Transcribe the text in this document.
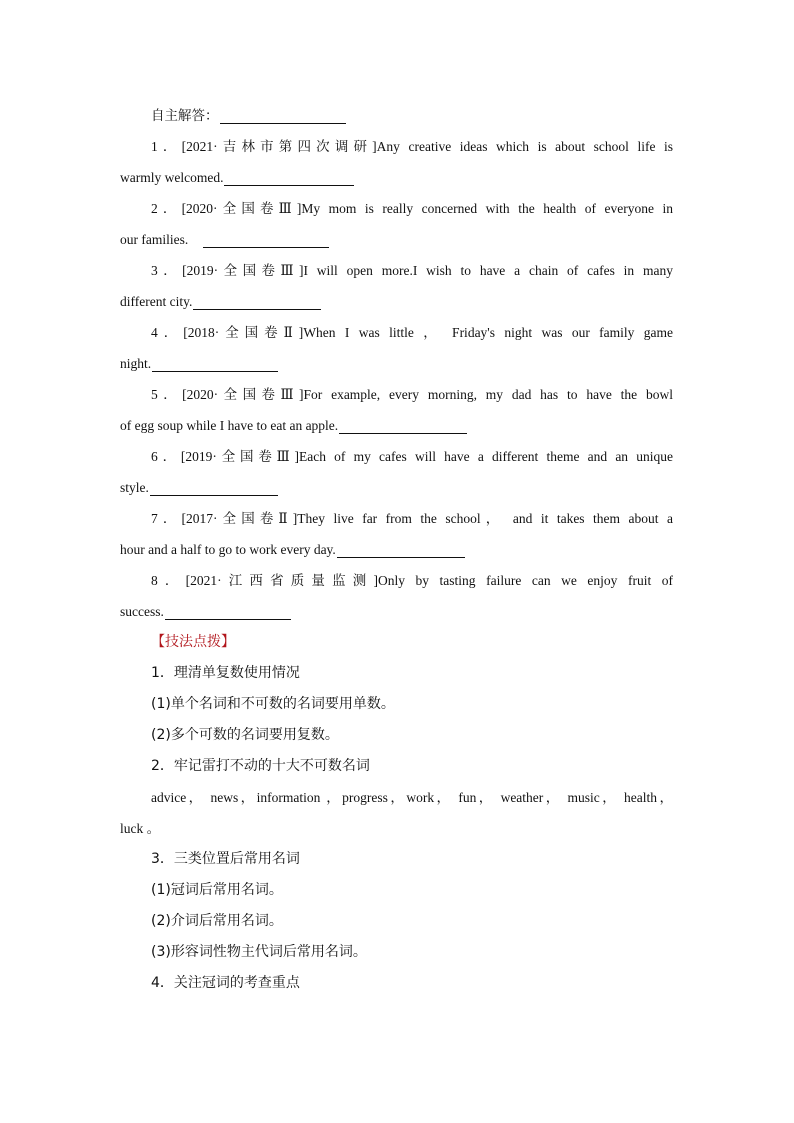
自主解答：
1．[2021·吉林市第四次调研]Any creative ideas which is about school life is
warmly welcomed.
2．[2020·全国卷Ⅲ]My mom is really concerned with the health of everyone in
our families.
3．[2019·全国卷Ⅲ]I will open more.I wish to have a chain of cafes in many
different city.
4．[2018·全国卷Ⅱ]When I was little ， Friday's night was our family game
night.
5．[2020·全国卷Ⅲ]For example, every morning, my dad has to have the bowl
of egg soup while I have to eat an apple.
6．[2019·全国卷Ⅲ]Each of my cafes will have a different theme and an unique
style.
7．[2017·全国卷Ⅱ]They live far from the school， and it takes them about a
hour and a half to go to work every day.
8．[2021·江西省质量监测]Only by tasting failure can we enjoy fruit of
success.
【技法点拨】
1．理清单复数使用情况
(1)单个名词和不可数的名词要用单数。
(2)多个可数的名词要用复数。
2．牢记雷打不动的十大不可数名词
advice， news，information ，progress，work， fun， weather， music， health，
luck 。
3．三类位置后常用名词
(1)冠词后常用名词。
(2)介词后常用名词。
(3)形容词性物主代词后常用名词。
4．关注冠词的考查重点
